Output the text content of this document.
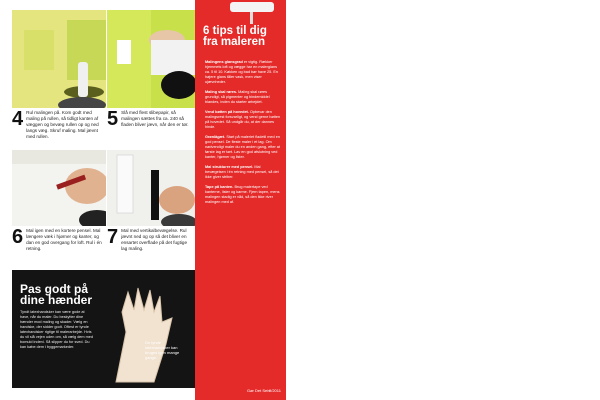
4 Rul malingen på. Kom godt med maling på rullen, så tidligt kanten af væggen og bevæg rullen op og ned langs væg. Skruf maling. Mal jævnt med rullen.
5 Slå med flest slibepapir, så malingen sættes fra ca. 240 så fladen bliver jævn, når den er tør.
6 Mal igen med en kortere pensel. Mal længere væk i hjørner og kanter, og dan en god overgang for loft. Rul i én retning.
7 Mal med vertikalbevægelse. Rul jævnt ned og op så det bliver en ensartet overflade på det fugtige lag maling.
Pas godt på
dine hænder
Tyndt latexhandsker kan være gode at have, når du maler. Du beskytter dine hænder mod maling og skader. Vælg en handske, der sidder godt. Oftest er tynde latexhandsker rigtige til malerarbejde. Hvis du vil slå vejen uden om, så vælg dem med bomuld indeni. Så slipper du for sved. Du kan købe dem i byggemarkeder.
De tynde latexhandsker kan bruges igen mange gange.
24
6 tips til dig
fra maleren
Malingens glansgrad er vigtig. Rækker hjemmets loft og vægge har en malerglans ca. 5 til 10. Køkken og bad bør have 25. En højere glans tåler vask, men viser ujævnheder.
Maling skal røres. Maling skal røres grundigt, så pigmenter og bindemiddel blandes, inden du starter arbejdet.
Vend bøtten på hovedet. Opbevar den malingsrest forsvarligt, og vend gerne bøtten på hovedet. Så undgår du, at der dannes hinde.
Grønlägæt. Start på maleriet fladetil med en god pensel. De fleste maler i et lag. Om nødvendigt maler du en anden gang, efter at første lag er tørt. Lav en god afslutning ved kanter, hjørner og lister.
Mal strukturer med pensel. Mal bevægelsen i én retning med pensel, så det ikke giver striber.
Tape på kanten. Brug malertape ved kanterne, lister og karme. Fjern tapen, mens malingen stadig er våd, så den ikke river malingen med af.
Gør Det Selv
9/2011
